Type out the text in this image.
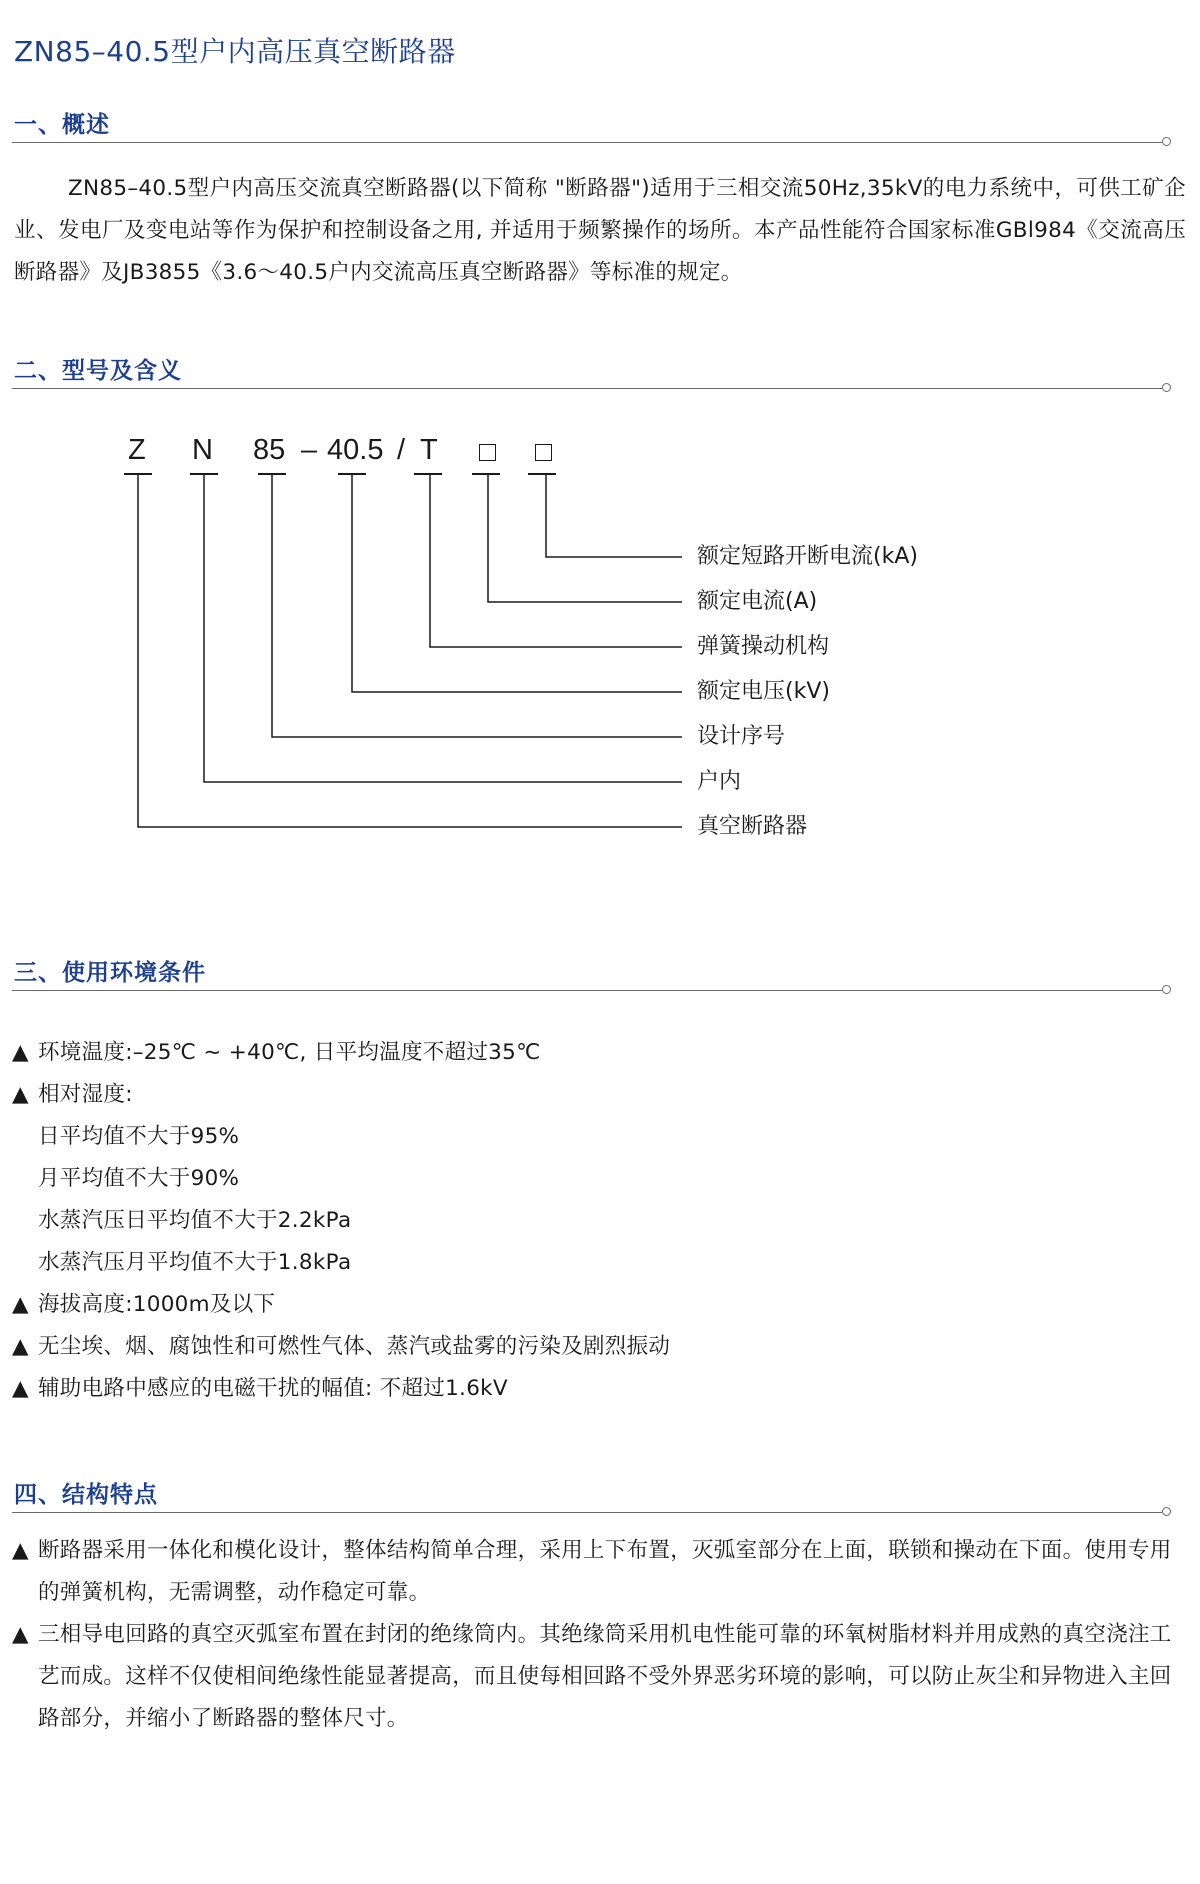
ZN85–40.5型户内高压真空断路器
一、概述

ZN85–40.5型户内高压交流真空断路器(以下简称 "断路器")适用于三相交流50Hz,35kV的电力系统中，可供工矿企业、发电厂及变电站等作为保护和控制设备之用, 并适用于频繁操作的场所。本产品性能符合国家标准GBl984《交流高压断路器》及JB3855《3.6～40.5户内交流高压真空断路器》等标准的规定。

二、型号及含义
Z N 85 – 40.5 / T
额定短路开断电流(kA)
额定电流(A)
弹簧操动机构
额定电压(kV)
设计序号
户内
真空断路器
三、使用环境条件
▲ 环境温度:–25℃ ~ +40℃, 日平均温度不超过35℃
▲ 相对湿度:
日平均值不大于95%
月平均值不大于90%
水蒸汽压日平均值不大于2.2kPa
水蒸汽压月平均值不大于1.8kPa
▲ 海拔高度:1000m及以下
▲ 无尘埃、烟、腐蚀性和可燃性气体、蒸汽或盐雾的污染及剧烈振动
▲ 辅助电路中感应的电磁干扰的幅值: 不超过1.6kV
四、结构特点
▲ 断路器采用一体化和模化设计，整体结构简单合理，采用上下布置，灭弧室部分在上面，联锁和操动在下面。使用专用的弹簧机构，无需调整，动作稳定可靠。
▲ 三相导电回路的真空灭弧室布置在封闭的绝缘筒内。其绝缘筒采用机电性能可靠的环氧树脂材料并用成熟的真空浇注工艺而成。这样不仅使相间绝缘性能显著提高，而且使每相回路不受外界恶劣环境的影响，可以防止灰尘和异物进入主回路部分，并缩小了断路器的整体尺寸。
